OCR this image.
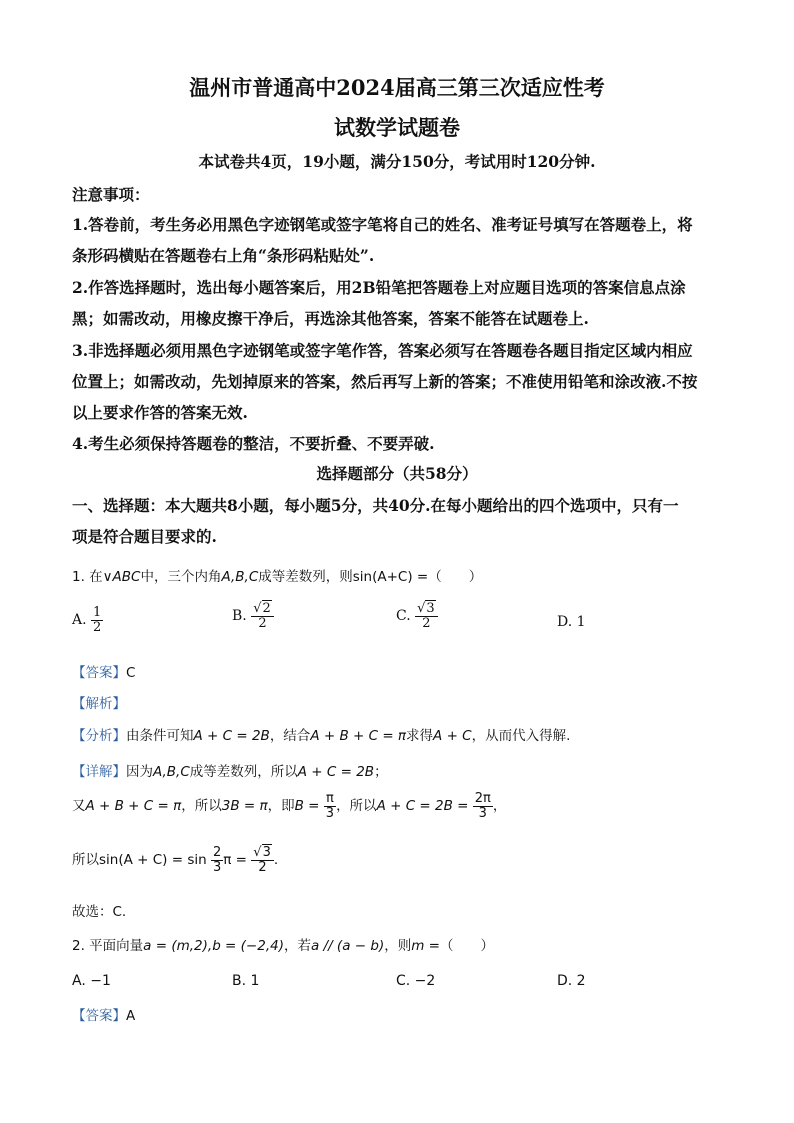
温州市普通高中2024届高三第三次适应性考
试数学试题卷
本试卷共4页，19小题，满分150分，考试用时120分钟.
注意事项：
1.答卷前，考生务必用黑色字迹钢笔或签字笔将自己的姓名、准考证号填写在答题卷上，将
条形码横贴在答题卷右上角“条形码粘贴处”.
2.作答选择题时，选出每小题答案后，用2B铅笔把答题卷上对应题目选项的答案信息点涂
黑；如需改动，用橡皮擦干净后，再选涂其他答案，答案不能答在试题卷上.
3.非选择题必须用黑色字迹钢笔或签字笔作答，答案必须写在答题卷各题目指定区域内相应
位置上；如需改动，先划掉原来的答案，然后再写上新的答案；不准使用铅笔和涂改液.不按
以上要求作答的答案无效.
4.考生必须保持答题卷的整洁，不要折叠、不要弄破.
选择题部分（共58分）
一、选择题：本大题共8小题，每小题5分，共40分.在每小题给出的四个选项中，只有一
项是符合题目要求的.
1. 在∨ABC中，三个内角A,B,C成等差数列，则sin(A+C) =（　　）
A. $\frac{1}{2}$	B. $\frac{√2}{2}$	C. $\frac{√3}{2}$	D. 1
【答案】C
【解析】
【分析】由条件可知A + C = 2B，结合A + B + C = π求得A + C，从而代入得解.
【详解】因为A,B,C成等差数列，所以A + C = 2B；
又A + B + C = π，所以3B = π，即$B = \frac{\pi}{3}$ ，所以$A + C = 2B = \frac{2\pi}{3}$ ，
所以$\sin(A + C) = \sin \frac{2}{3}$ $\pi = \frac{√3}{2}$ .
故选：C.
2. 平面向量a = (m,2),b = (−2,4)，若a // (a − b)，则m =（　　）
A. −1	B. 1	C. −2	D. 2
【答案】A
